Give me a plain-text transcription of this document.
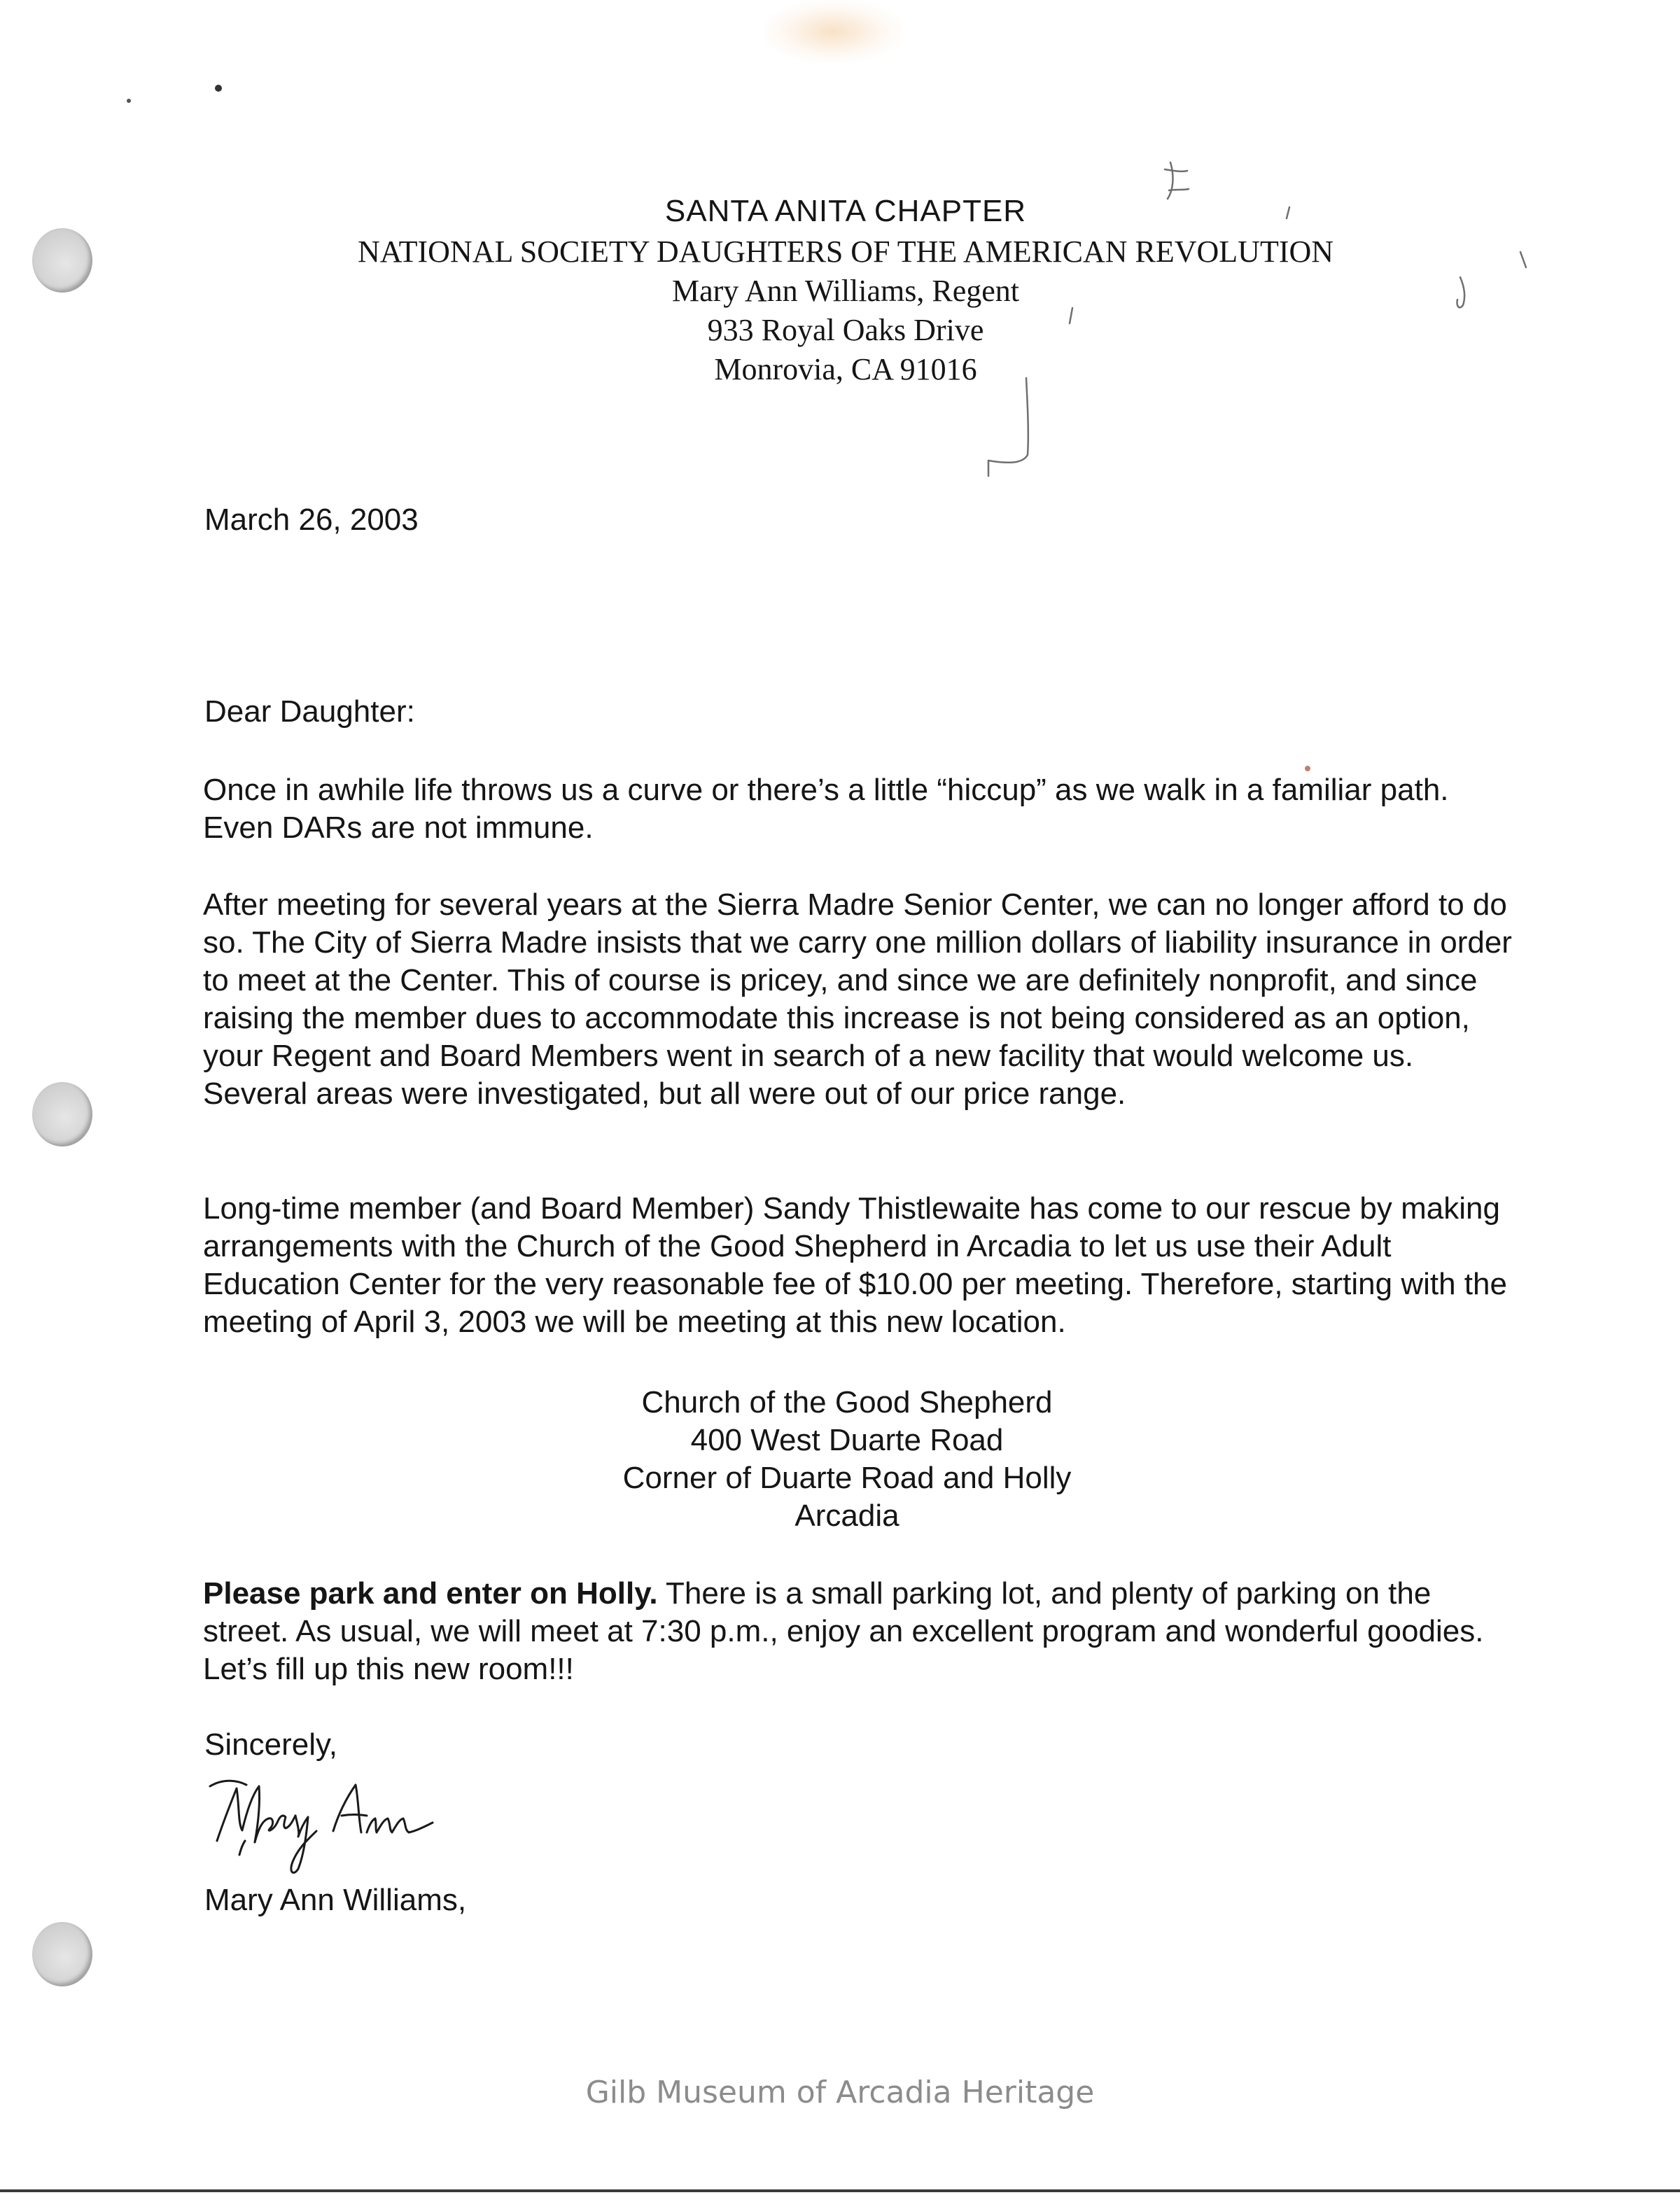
SANTA ANITA CHAPTER
NATIONAL SOCIETY DAUGHTERS OF THE AMERICAN REVOLUTION
Mary Ann Williams, Regent
933 Royal Oaks Drive
Monrovia, CA 91016
March 26, 2003
Dear Daughter:

Once in awhile life throws us a curve or there’s a little “hiccup” as we walk in a familiar path. Even DARs are not immune.

After meeting for several years at the Sierra Madre Senior Center, we can no longer afford to do so. The City of Sierra Madre insists that we carry one million dollars of liability insurance in order to meet at the Center. This of course is pricey, and since we are definitely nonprofit, and since raising the member dues to accommodate this increase is not being considered as an option, your Regent and Board Members went in search of a new facility that would welcome us. Several areas were investigated, but all were out of our price range.

Long-time member (and Board Member) Sandy Thistlewaite has come to our rescue by making arrangements with the Church of the Good Shepherd in Arcadia to let us use their Adult Education Center for the very reasonable fee of $10.00 per meeting. Therefore, starting with the meeting of April 3, 2003 we will be meeting at this new location.

Church of the Good Shepherd
400 West Duarte Road
Corner of Duarte Road and Holly
Arcadia

Please park and enter on Holly. There is a small parking lot, and plenty of parking on the street. As usual, we will meet at 7:30 p.m., enjoy an excellent program and wonderful goodies. Let’s fill up this new room!!!

Sincerely,
Mary Ann Williams,
Gilb Museum of Arcadia Heritage
